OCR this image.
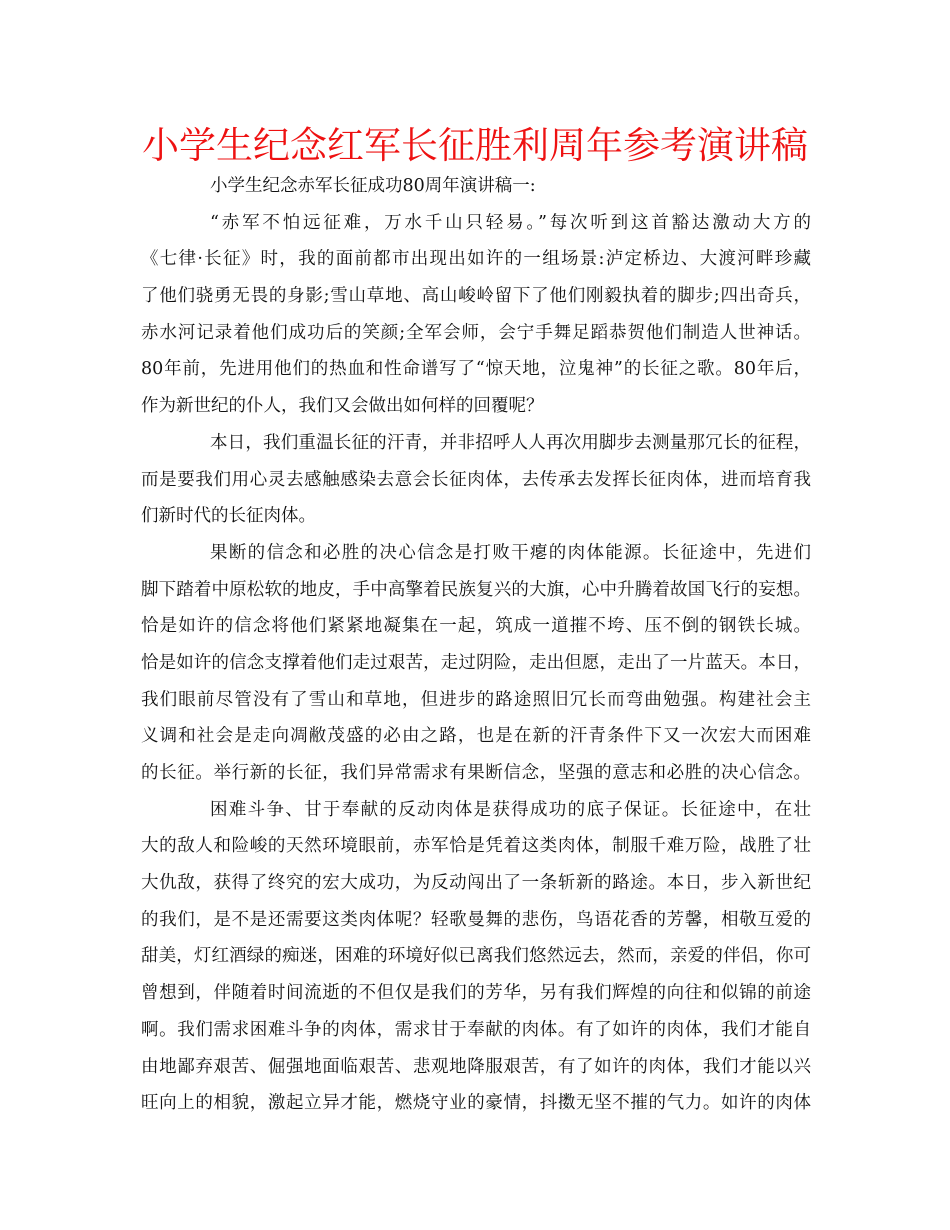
小学生纪念红军长征胜利周年参考演讲稿
小学生纪念赤军长征成功80周年演讲稿一:
“赤军不怕远征难，万水千山只轻易。”每次听到这首豁达激动大方的
《七律·长征》时，我的面前都市出现出如许的一组场景:泸定桥边、大渡河畔珍藏
了他们骁勇无畏的身影;雪山草地、高山峻岭留下了他们刚毅执着的脚步;四出奇兵，
赤水河记录着他们成功后的笑颜;全军会师，会宁手舞足蹈恭贺他们制造人世神话。
80年前，先进用他们的热血和性命谱写了“惊天地，泣鬼神”的长征之歌。80年后，
作为新世纪的仆人，我们又会做出如何样的回覆呢？
本日，我们重温长征的汗青，并非招呼人人再次用脚步去测量那冗长的征程，
而是要我们用心灵去感触感染去意会长征肉体，去传承去发挥长征肉体，进而培育我
们新时代的长征肉体。
果断的信念和必胜的决心信念是打败干瘪的肉体能源。长征途中，先进们
脚下踏着中原松软的地皮，手中高擎着民族复兴的大旗，心中升腾着故国飞行的妄想。
恰是如许的信念将他们紧紧地凝集在一起，筑成一道摧不垮、压不倒的钢铁长城。
恰是如许的信念支撑着他们走过艰苦，走过阴险，走出但愿，走出了一片蓝天。本日，
我们眼前尽管没有了雪山和草地，但进步的路途照旧冗长而弯曲勉强。构建社会主
义调和社会是走向凋敝茂盛的必由之路，也是在新的汗青条件下又一次宏大而困难
的长征。举行新的长征，我们异常需求有果断信念，坚强的意志和必胜的决心信念。
困难斗争、甘于奉献的反动肉体是获得成功的底子保证。长征途中，在壮
大的敌人和险峻的天然环境眼前，赤军恰是凭着这类肉体，制服千难万险，战胜了壮
大仇敌，获得了终究的宏大成功，为反动闯出了一条斩新的路途。本日，步入新世纪
的我们，是不是还需要这类肉体呢？轻歌曼舞的悲伤，鸟语花香的芳馨，相敬互爱的
甜美，灯红酒绿的痴迷，困难的环境好似已离我们悠然远去，然而，亲爱的伴侣，你可
曾想到，伴随着时间流逝的不但仅是我们的芳华，另有我们辉煌的向往和似锦的前途
啊。我们需求困难斗争的肉体，需求甘于奉献的肉体。有了如许的肉体，我们才能自
由地鄙弃艰苦、倔强地面临艰苦、悲观地降服艰苦，有了如许的肉体，我们才能以兴
旺向上的相貌，激起立异才能，燃烧守业的豪情，抖擞无坚不摧的气力。如许的肉体
